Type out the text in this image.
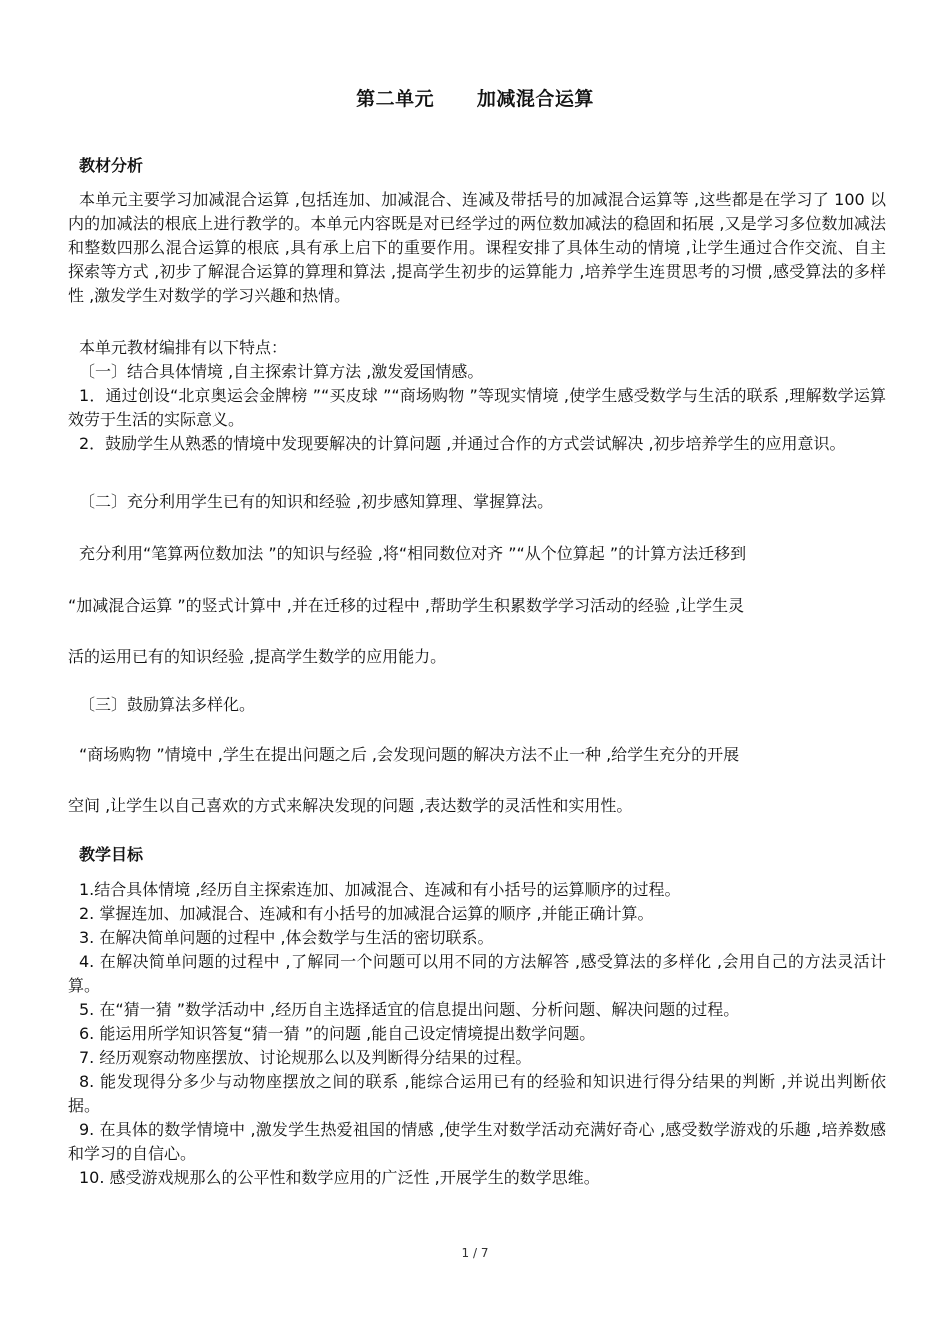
第二单元      加减混合运算
教材分析

本单元主要学习加减混合运算 ,包括连加、加减混合、连减及带括号的加减混合运算等 ,这些都是在学习了 100 以内的加减法的根底上进行教学的。本单元内容既是对已经学过的两位数加减法的稳固和拓展 ,又是学习多位数加减法和整数四那么混合运算的根底 ,具有承上启下的重要作用。课程安排了具体生动的情境 ,让学生通过合作交流、自主探索等方式 ,初步了解混合运算的算理和算法 ,提高学生初步的运算能力 ,培养学生连贯思考的习惯 ,感受算法的多样性 ,激发学生对数学的学习兴趣和热情。

本单元教材编排有以下特点：

〔一〕结合具体情境 ,自主探索计算方法 ,激发爱国情感。

1．通过创设“北京奥运会金牌榜 ”“买皮球 ”“商场购物 ”等现实情境 ,使学生感受数学与生活的联系 ,理解数学运算效劳于生活的实际意义。

2．鼓励学生从熟悉的情境中发现要解决的计算问题 ,并通过合作的方式尝试解决 ,初步培养学生的应用意识。

〔二〕充分利用学生已有的知识和经验 ,初步感知算理、掌握算法。

充分利用“笔算两位数加法 ”的知识与经验 ,将“相同数位对齐 ”“从个位算起 ”的计算方法迁移到

“加减混合运算 ”的竖式计算中 ,并在迁移的过程中 ,帮助学生积累数学学习活动的经验 ,让学生灵

活的运用已有的知识经验 ,提高学生数学的应用能力。

〔三〕鼓励算法多样化。

“商场购物 ”情境中 ,学生在提出问题之后 ,会发现问题的解决方法不止一种 ,给学生充分的开展

空间 ,让学生以自己喜欢的方式来解决发现的问题 ,表达数学的灵活性和实用性。

教学目标

1.结合具体情境 ,经历自主探索连加、加减混合、连减和有小括号的运算顺序的过程。

2. 掌握连加、加减混合、连减和有小括号的加减混合运算的顺序 ,并能正确计算。

3. 在解决简单问题的过程中 ,体会数学与生活的密切联系。

4. 在解决简单问题的过程中 ,了解同一个问题可以用不同的方法解答 ,感受算法的多样化 ,会用自己的方法灵活计算。

5. 在“猜一猜 ”数学活动中 ,经历自主选择适宜的信息提出问题、分析问题、解决问题的过程。

6. 能运用所学知识答复“猜一猜 ”的问题 ,能自己设定情境提出数学问题。

7. 经历观察动物座摆放、讨论规那么以及判断得分结果的过程。

8. 能发现得分多少与动物座摆放之间的联系 ,能综合运用已有的经验和知识进行得分结果的判断 ,并说出判断依据。

9. 在具体的数学情境中 ,激发学生热爱祖国的情感 ,使学生对数学活动充满好奇心 ,感受数学游戏的乐趣 ,培养数感和学习的自信心。

10. 感受游戏规那么的公平性和数学应用的广泛性 ,开展学生的数学思维。

1 / 7
